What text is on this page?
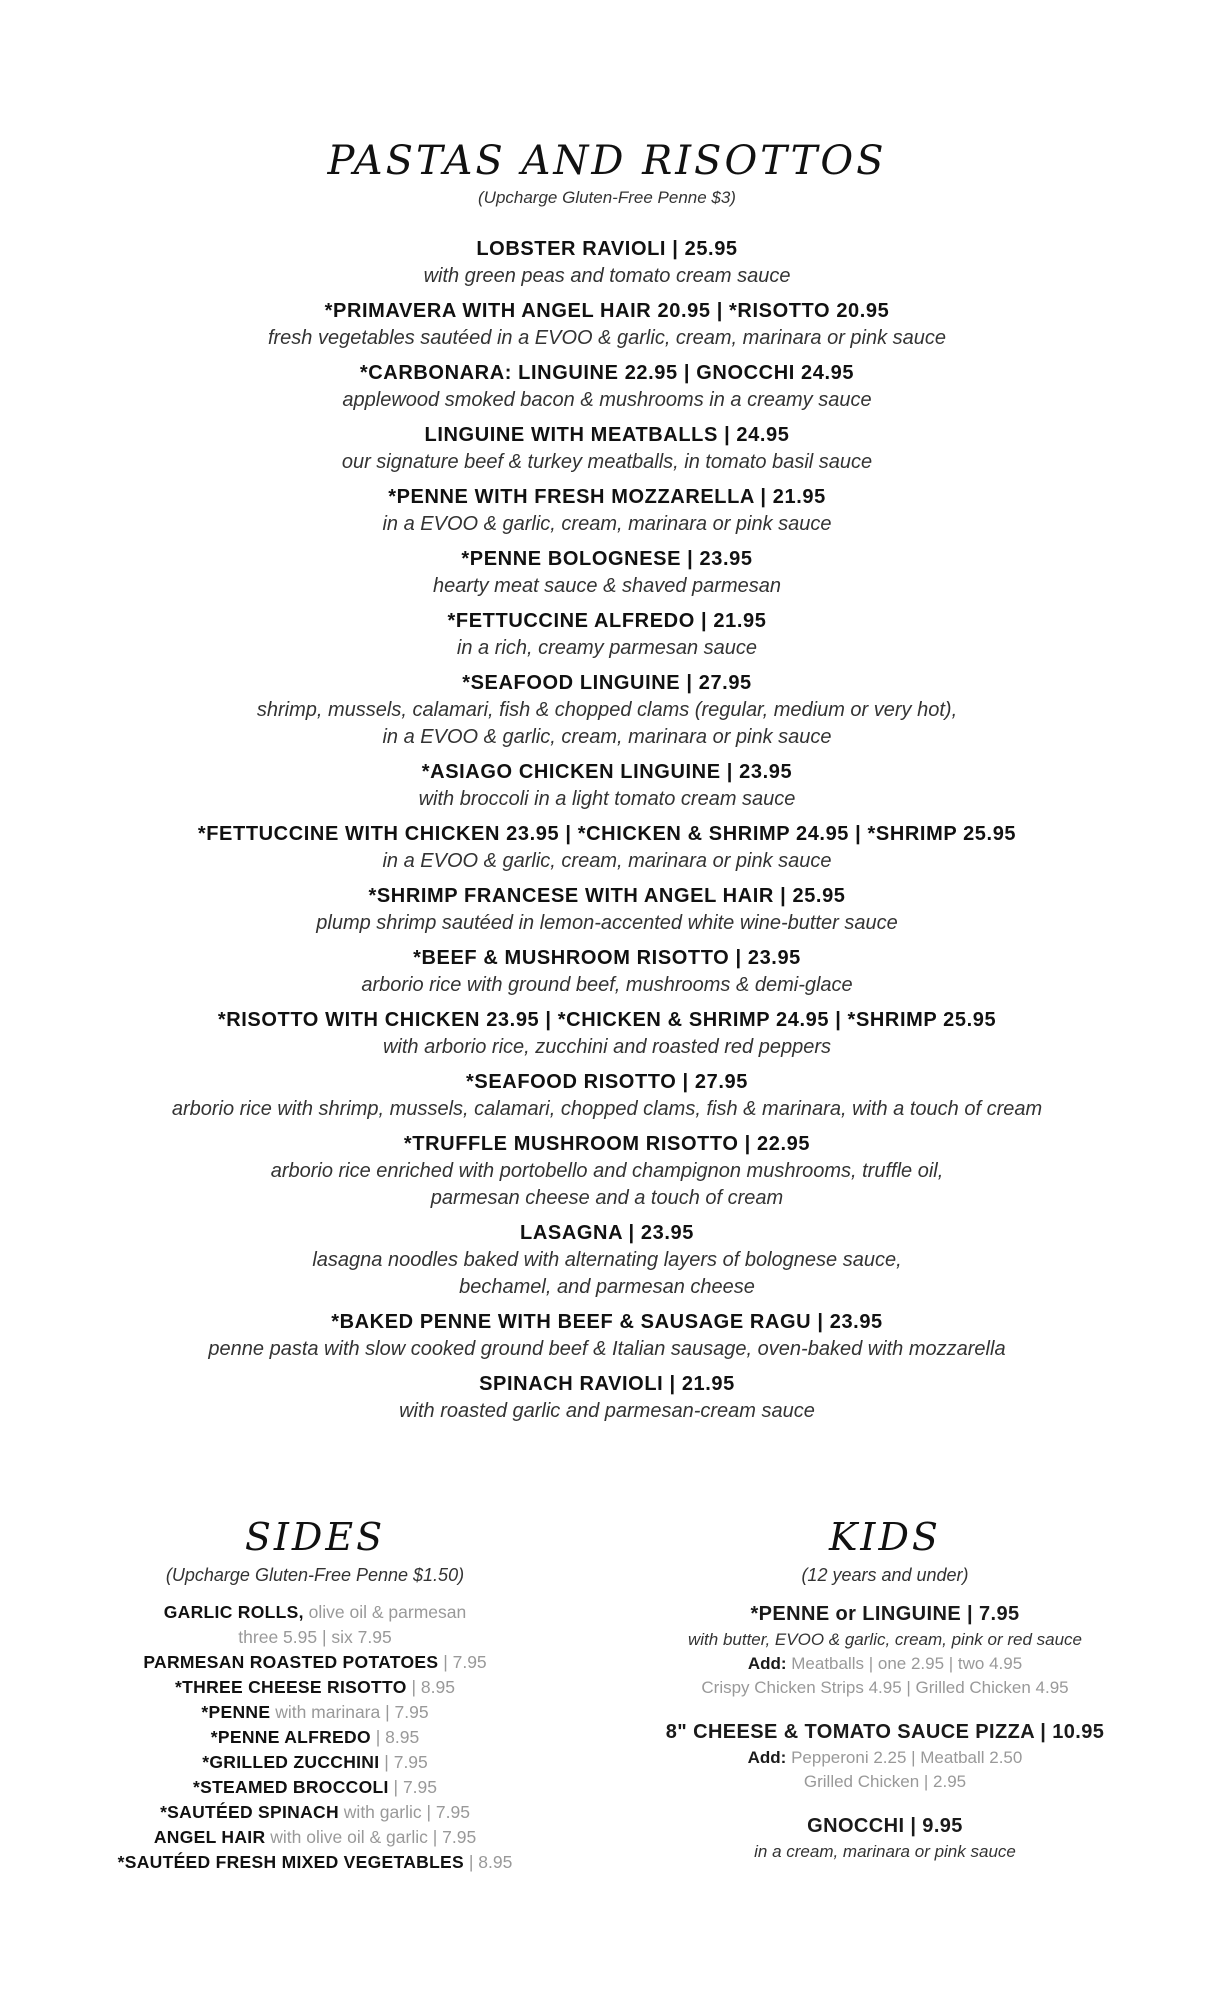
PASTAS AND RISOTTOS
(Upcharge Gluten-Free Penne $3)
LOBSTER RAVIOLI | 25.95
with green peas and tomato cream sauce
*PRIMAVERA WITH ANGEL HAIR 20.95 | *RISOTTO 20.95
fresh vegetables sautéed in a EVOO & garlic, cream, marinara or pink sauce
*CARBONARA: LINGUINE 22.95 | GNOCCHI 24.95
applewood smoked bacon & mushrooms in a creamy sauce
LINGUINE WITH MEATBALLS | 24.95
our signature beef & turkey meatballs, in tomato basil sauce
*PENNE WITH FRESH MOZZARELLA | 21.95
in a EVOO & garlic, cream, marinara or pink sauce
*PENNE BOLOGNESE | 23.95
hearty meat sauce & shaved parmesan
*FETTUCCINE ALFREDO | 21.95
in a rich, creamy parmesan sauce
*SEAFOOD LINGUINE | 27.95
shrimp, mussels, calamari, fish & chopped clams (regular, medium or very hot),
in a EVOO & garlic, cream, marinara or pink sauce
*ASIAGO CHICKEN LINGUINE | 23.95
with broccoli in a light tomato cream sauce
*FETTUCCINE WITH CHICKEN 23.95 | *CHICKEN & SHRIMP 24.95 | *SHRIMP 25.95
in a EVOO & garlic, cream, marinara or pink sauce
*SHRIMP FRANCESE WITH ANGEL HAIR | 25.95
plump shrimp sautéed in lemon-accented white wine-butter sauce
*BEEF & MUSHROOM RISOTTO | 23.95
arborio rice with ground beef, mushrooms & demi-glace
*RISOTTO WITH CHICKEN 23.95 | *CHICKEN & SHRIMP 24.95 | *SHRIMP 25.95
with arborio rice, zucchini and roasted red peppers
*SEAFOOD RISOTTO | 27.95
arborio rice with shrimp, mussels, calamari, chopped clams, fish & marinara, with a touch of cream
*TRUFFLE MUSHROOM RISOTTO | 22.95
arborio rice enriched with portobello and champignon mushrooms, truffle oil,
parmesan cheese and a touch of cream
LASAGNA | 23.95
lasagna noodles baked with alternating layers of bolognese sauce,
bechamel, and parmesan cheese
*BAKED PENNE WITH BEEF & SAUSAGE RAGU | 23.95
penne pasta with slow cooked ground beef & Italian sausage, oven-baked with mozzarella
SPINACH RAVIOLI | 21.95
with roasted garlic and parmesan-cream sauce
SIDES
(Upcharge Gluten-Free Penne $1.50)
GARLIC ROLLS, olive oil & parmesan
three 5.95 | six 7.95
PARMESAN ROASTED POTATOES | 7.95
*THREE CHEESE RISOTTO | 8.95
*PENNE with marinara | 7.95
*PENNE ALFREDO | 8.95
*GRILLED ZUCCHINI | 7.95
*STEAMED BROCCOLI | 7.95
*SAUTÉED SPINACH with garlic | 7.95
ANGEL HAIR with olive oil & garlic | 7.95
*SAUTÉED FRESH MIXED VEGETABLES | 8.95
KIDS
(12 years and under)
*PENNE or LINGUINE | 7.95
with butter, EVOO & garlic, cream, pink or red sauce
Add: Meatballs | one 2.95 | two 4.95
Crispy Chicken Strips 4.95 | Grilled Chicken 4.95
8" CHEESE & TOMATO SAUCE PIZZA | 10.95
Add: Pepperoni 2.25 | Meatball 2.50
Grilled Chicken | 2.95
GNOCCHI | 9.95
in a cream, marinara or pink sauce
